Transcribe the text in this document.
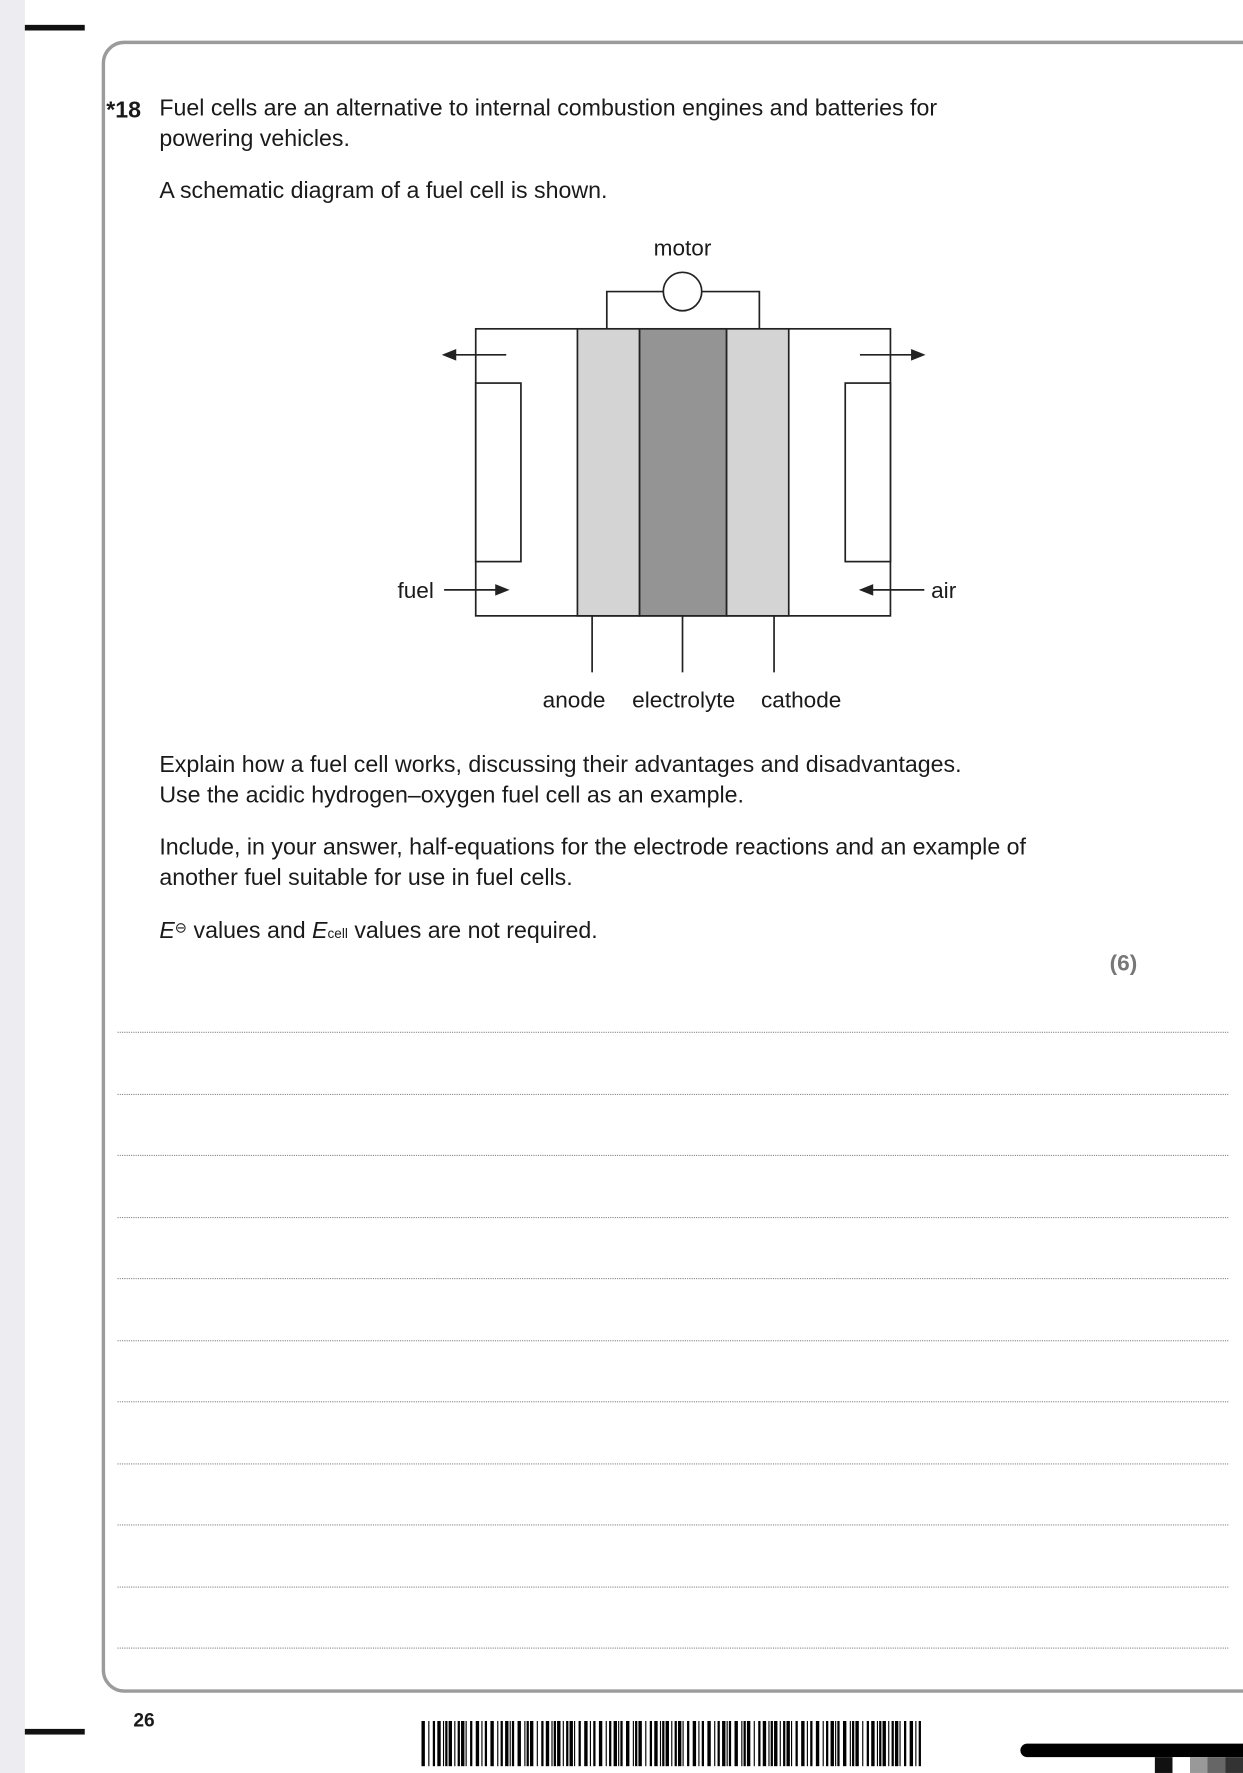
*18 Fuel cells are an alternative to internal combustion engines and batteries for
powering vehicles.
A schematic diagram of a fuel cell is shown.
motor
fuel	air
anode electrolyte cathode
Explain how a fuel cell works, discussing their advantages and disadvantages.
Use the acidic hydrogen–oxygen fuel cell as an example.
Include, in your answer, half-equations for the electrode reactions and an example of
another fuel suitable for use in fuel cells.
E⊖ values and Ecell values are not required.
(6)
26
